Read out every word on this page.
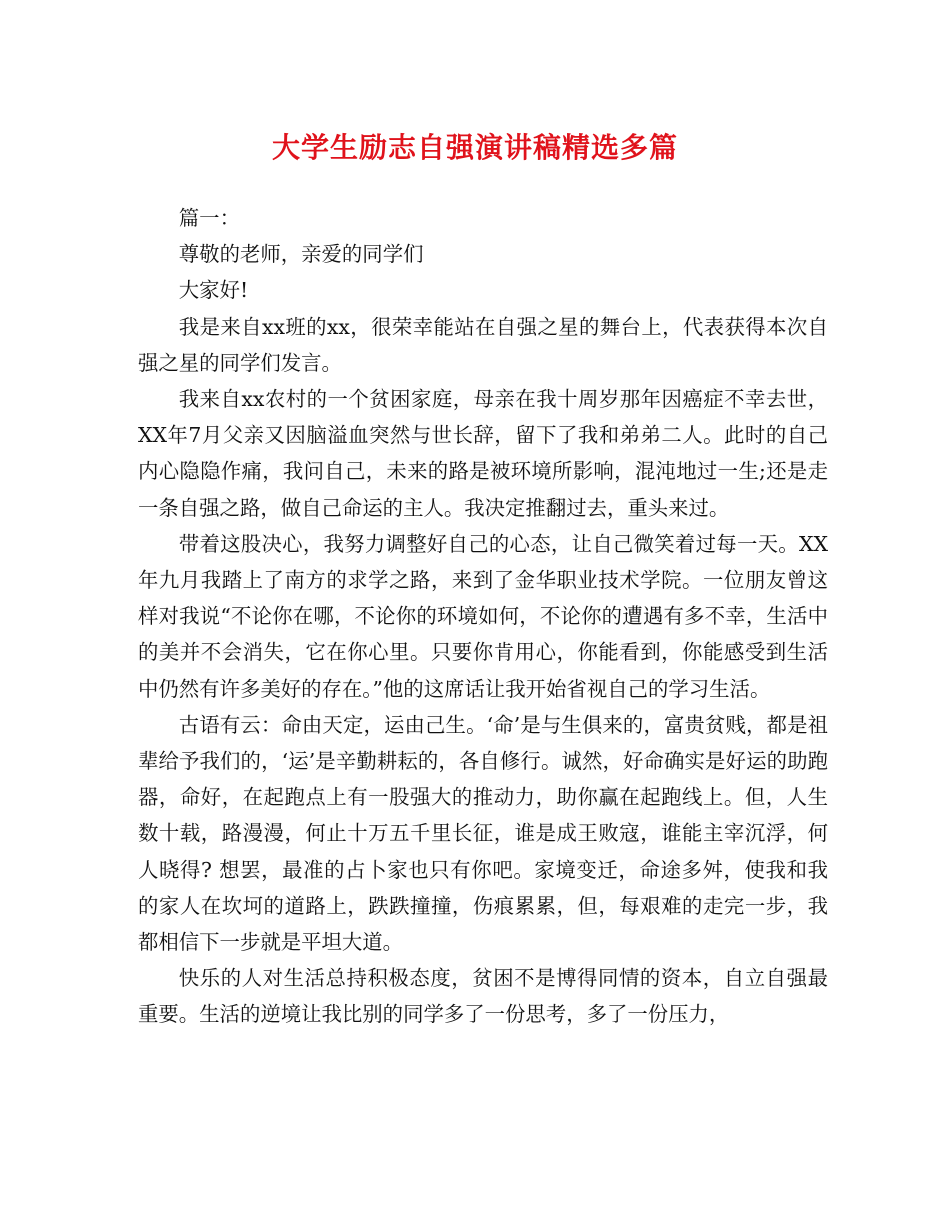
大学生励志自强演讲稿精选多篇

篇一：

尊敬的老师，亲爱的同学们

大家好!

我是来自xx班的xx，很荣幸能站在自强之星的舞台上，代表获得本次自强之星的同学们发言。

我来自xx农村的一个贫困家庭，母亲在我十周岁那年因癌症不幸去世，XX年7月父亲又因脑溢血突然与世长辞，留下了我和弟弟二人。此时的自己内心隐隐作痛，我问自己，未来的路是被环境所影响，混沌地过一生;还是走一条自强之路，做自己命运的主人。我决定推翻过去，重头来过。

带着这股决心，我努力调整好自己的心态，让自己微笑着过每一天。XX年九月我踏上了南方的求学之路，来到了金华职业技术学院。一位朋友曾这样对我说“不论你在哪，不论你的环境如何，不论你的遭遇有多不幸，生活中的美并不会消失，它在你心里。只要你肯用心，你能看到，你能感受到生活中仍然有许多美好的存在。”他的这席话让我开始省视自己的学习生活。

古语有云：命由天定，运由己生。‘命’是与生俱来的，富贵贫贱，都是祖辈给予我们的，‘运’是辛勤耕耘的，各自修行。诚然，好命确实是好运的助跑器，命好，在起跑点上有一股强大的推动力，助你赢在起跑线上。但，人生数十载，路漫漫，何止十万五千里长征，谁是成王败寇，谁能主宰沉浮，何人晓得? 想罢，最准的占卜家也只有你吧。家境变迁，命途多舛，使我和我的家人在坎坷的道路上，跌跌撞撞，伤痕累累，但，每艰难的走完一步，我都相信下一步就是平坦大道。

快乐的人对生活总持积极态度，贫困不是博得同情的资本，自立自强最重要。生活的逆境让我比别的同学多了一份思考，多了一份压力，
